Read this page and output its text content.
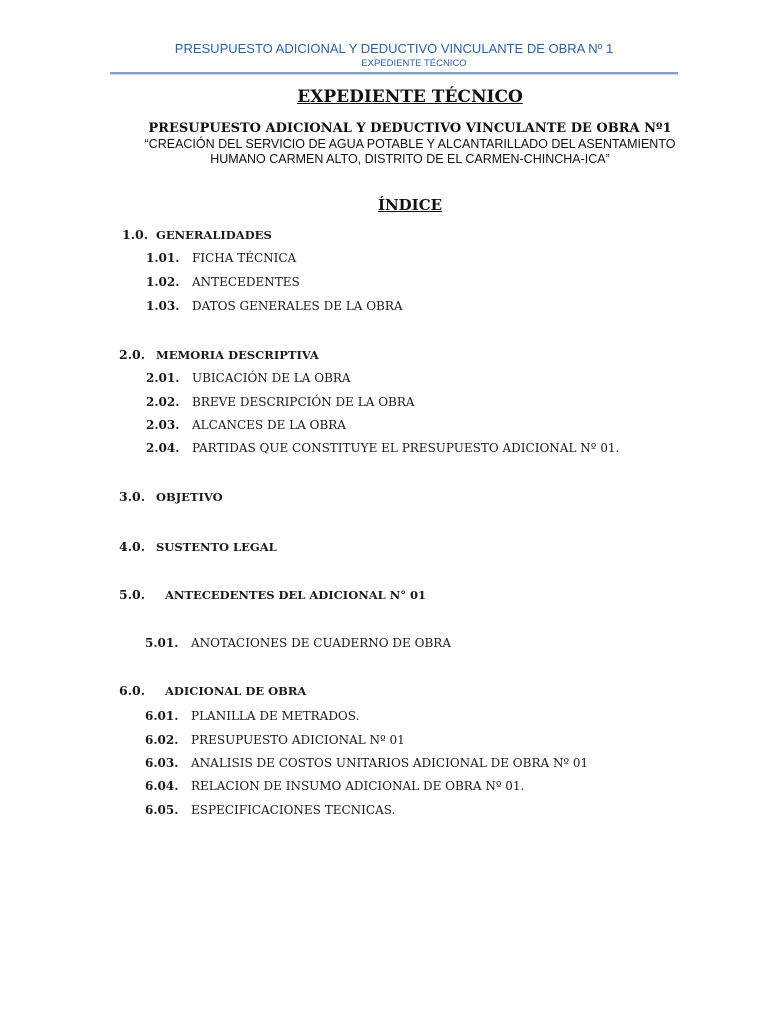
PRESUPUESTO ADICIONAL Y DEDUCTIVO VINCULANTE DE OBRA Nº 1
EXPEDIENTE TÉCNICO
EXPEDIENTE TÉCNICO
PRESUPUESTO ADICIONAL Y DEDUCTIVO VINCULANTE DE OBRA Nº1
“CREACIÓN DEL SERVICIO DE AGUA POTABLE Y ALCANTARILLADO DEL ASENTAMIENTO
HUMANO CARMEN ALTO, DISTRITO DE EL CARMEN-CHINCHA-ICA”
ÍNDICE
1.0. GENERALIDADES
1.01. FICHA TÉCNICA
1.02. ANTECEDENTES
1.03. DATOS GENERALES DE LA OBRA
2.0. MEMORIA DESCRIPTIVA
2.01. UBICACIÓN DE LA OBRA
2.02. BREVE DESCRIPCIÓN DE LA OBRA
2.03. ALCANCES DE LA OBRA
2.04. PARTIDAS QUE CONSTITUYE EL PRESUPUESTO ADICIONAL Nº 01.
3.0. OBJETIVO
4.0. SUSTENTO LEGAL
5.0. ANTECEDENTES DEL ADICIONAL N° 01
5.01. ANOTACIONES DE CUADERNO DE OBRA
6.0. ADICIONAL DE OBRA
6.01. PLANILLA DE METRADOS.
6.02. PRESUPUESTO ADICIONAL Nº 01
6.03. ANALISIS DE COSTOS UNITARIOS ADICIONAL DE OBRA Nº 01
6.04. RELACION DE INSUMO ADICIONAL DE OBRA Nº 01.
6.05. ESPECIFICACIONES TECNICAS.
